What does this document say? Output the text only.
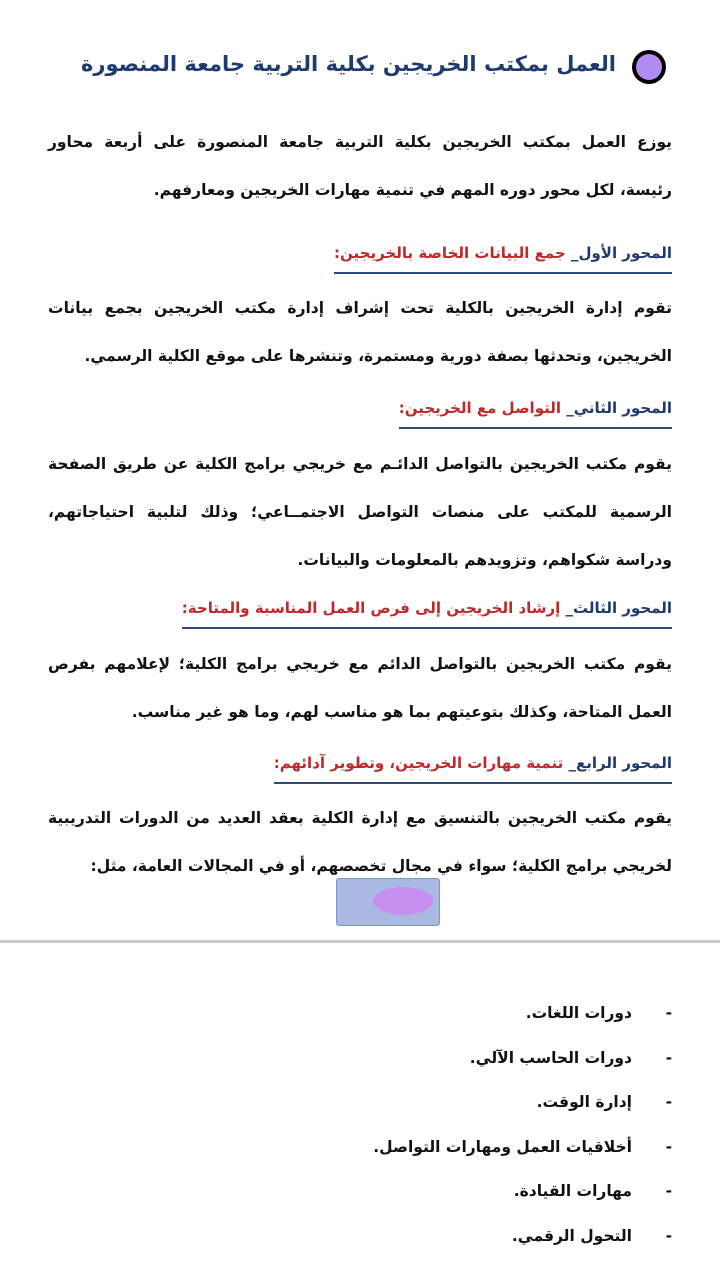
العمل بمكتب الخريجين بكلية التربية جامعة المنصورة
يوزع العمل بمكتب الخريجين بكلية التربية جامعة المنصورة على أربعة محاور رئيسة، لكل محور دوره المهم في تنمية مهارات الخريجين ومعارفهم.
المحور الأول_ جمع البيانات الخاصة بالخريجين:
تقوم إدارة الخريجين بالكلية تحت إشراف إدارة مكتب الخريجين بجمع بيانات الخريجين، وتحدثها بصفة دورية ومستمرة، وتنشرها على موقع الكلية الرسمي.
المحور الثاني_ التواصل مع الخريجين:
يقوم مكتب الخريجين بالتواصل الدائـم مع خريجي برامج الكلية عن طريق الصفحة الرسمية للمكتب على منصات التواصل الاجتمــاعي؛ وذلك لتلبية احتياجاتهم، ودراسة شكواهم، وتزويدهم بالمعلومات والبيانات.
المحور الثالث_ إرشاد الخريجين إلى فرص العمل المناسبة والمتاحة:
يقوم مكتب الخريجين بالتواصل الدائم مع خريجي برامج الكلية؛ لإعلامهم بفرص العمل المتاحة، وكذلك بتوعيتهم بما هو مناسب لهم، وما هو غير مناسب.
المحور الرابع_ تنمية مهارات الخريجين، وتطوير آدائهم:
يقوم مكتب الخريجين بالتنسيق مع إدارة الكلية بعقد العديد من الدورات التدريبية لخريجي برامج الكلية؛ سواء في مجال تخصصهم، أو في المجالات العامة، مثل:
-
دورات اللغات.
-
دورات الحاسب الآلي.
-
إدارة الوقت.
-
أخلاقيات العمل ومهارات التواصل.
-
مهارات القيادة.
-
التحول الرقمي.
